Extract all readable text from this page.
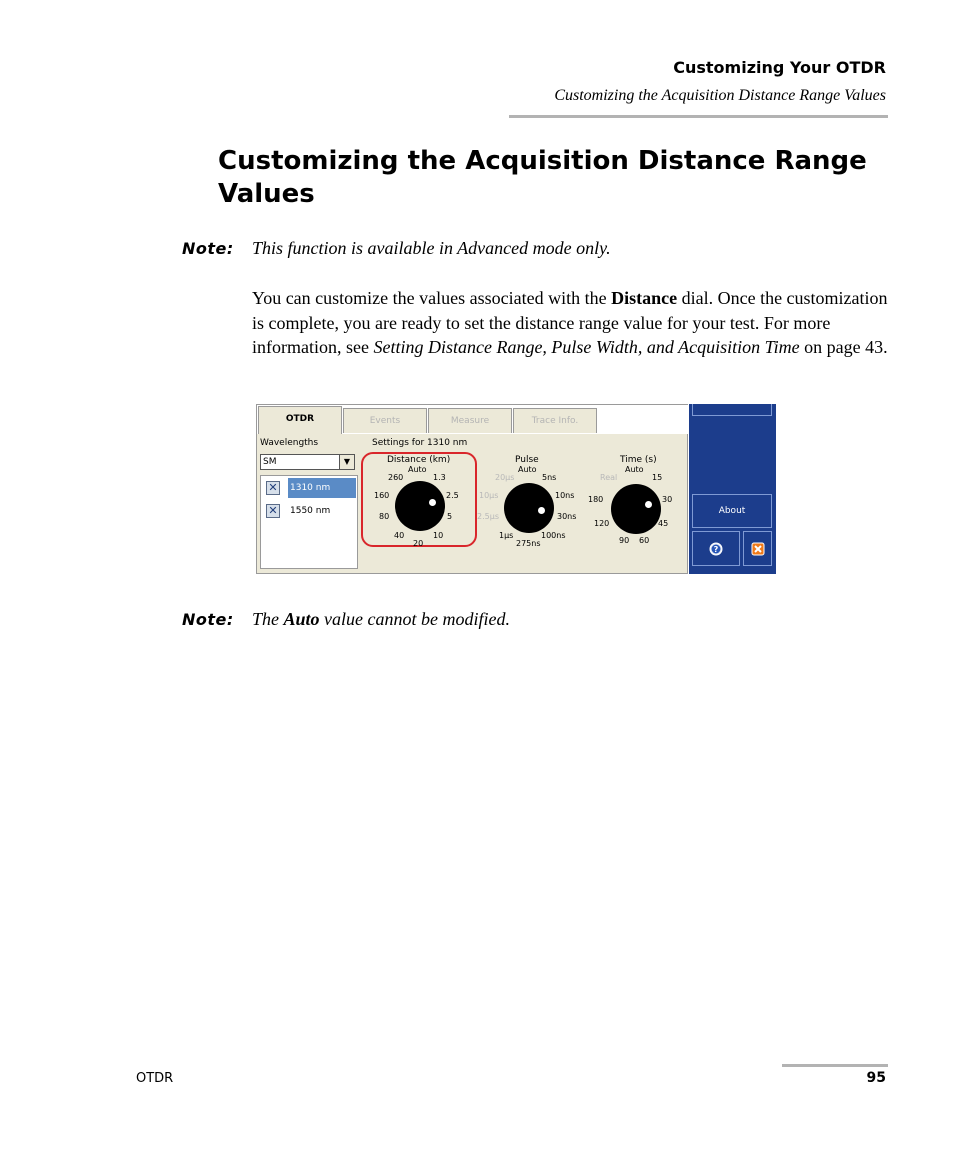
Customizing Your OTDR
Customizing the Acquisition Distance Range Values
Customizing the Acquisition Distance Range Values
Note: This function is available in Advanced mode only.
You can customize the values associated with the Distance dial. Once the customization is complete, you are ready to set the distance range value for your test. For more information, see Setting Distance Range, Pulse Width, and Acquisition Time on page 43.
OTDR	Events	Measure	Trace Info.
Wavelengths
SM	▼
✕ 1310 nm
✕ 1550 nm
Settings for 1310 nm
Distance (km)
Auto
260	1.3
160	2.5
80	5
40	10
20
Pulse
Auto
20µs	5ns
10µs	10ns
2.5µs	30ns
1µs	100ns
275ns
Time (s)
Auto
Real	15
180	30
120	45
90 60
About
?
Note: The Auto value cannot be modified.
OTDR	95
